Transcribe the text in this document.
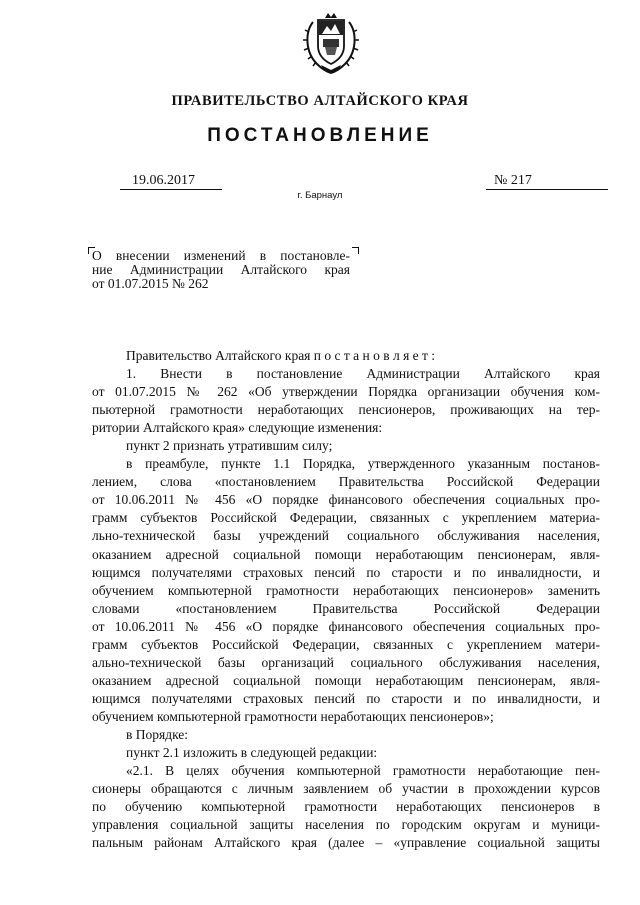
ПРАВИТЕЛЬСТВО АЛТАЙСКОГО КРАЯ
ПОСТАНОВЛЕНИЕ
19.06.2017	№ 217
г. Барнаул
О внесении изменений в постановле-
ние Администрации Алтайского края
от 01.07.2015 № 262
Правительство Алтайского края п о с т а н о в л я е т :
1. Внести в постановление Администрации Алтайского края
от 01.07.2015 № 262 «Об утверждении Порядка организации обучения ком-
пьютерной грамотности неработающих пенсионеров, проживающих на тер-
ритории Алтайского края» следующие изменения:
пункт 2 признать утратившим силу;
в преамбуле, пункте 1.1 Порядка, утвержденного указанным постанов-
лением, слова «постановлением Правительства Российской Федерации
от 10.06.2011 № 456 «О порядке финансового обеспечения социальных про-
грамм субъектов Российской Федерации, связанных с укреплением материа-
льно-технической базы учреждений социального обслуживания населения,
оказанием адресной социальной помощи неработающим пенсионерам, явля-
ющимся получателями страховых пенсий по старости и по инвалидности, и
обучением компьютерной грамотности неработающих пенсионеров» заменить
словами «постановлением Правительства Российской Федерации
от 10.06.2011 № 456 «О порядке финансового обеспечения социальных про-
грамм субъектов Российской Федерации, связанных с укреплением матери-
ально-технической базы организаций социального обслуживания населения,
оказанием адресной социальной помощи неработающим пенсионерам, явля-
ющимся получателями страховых пенсий по старости и по инвалидности, и
обучением компьютерной грамотности неработающих пенсионеров»;
в Порядке:
пункт 2.1 изложить в следующей редакции:
«2.1. В целях обучения компьютерной грамотности неработающие пен-
сионеры обращаются с личным заявлением об участии в прохождении курсов
по обучению компьютерной грамотности неработающих пенсионеров в
управления социальной защиты населения по городским округам и муници-
пальным районам Алтайского края (далее – «управление социальной защиты
